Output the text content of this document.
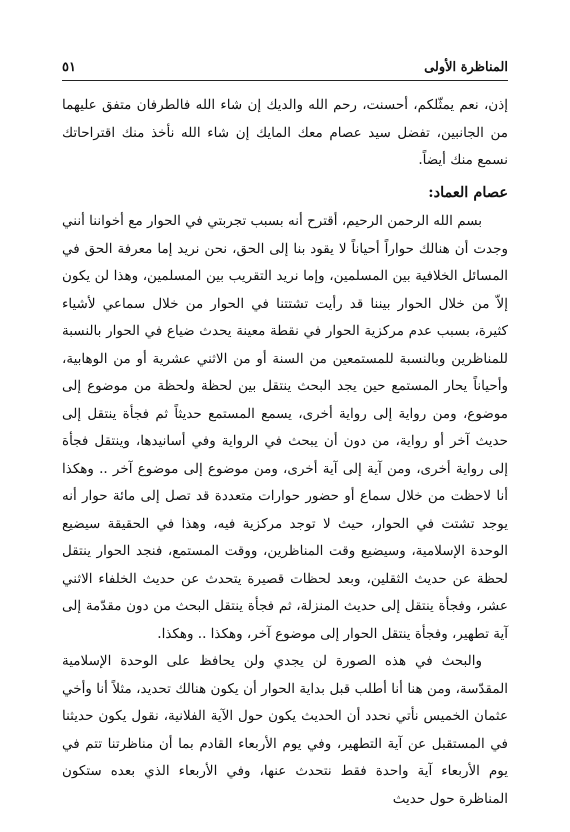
المناظرة الأولى
٥١

إذن، نعم يمثّلكم، أحسنت، رحم الله والديك إن شاء الله فالطرفان متفق عليهما من الجانبين، تفضل سيد عصام معك المايك إن شاء الله نأخذ منك اقتراحاتك نسمع منك أيضاً.

عصام العماد:

بسم الله الرحمن الرحيم، أقترح أنه بسبب تجربتي في الحوار مع أخواننا أنني وجدت أن هنالك حواراً أحياناً لا يقود بنا إلى الحق، نحن نريد إما معرفة الحق في المسائل الخلافية بين المسلمين، وإما نريد التقريب بين المسلمين، وهذا لن يكون إلاّ من خلال الحوار بيننا قد رأيت تشتتنا في الحوار من خلال سماعي لأشياء كثيرة، بسبب عدم مركزية الحوار في نقطة معينة يحدث ضياع في الحوار بالنسبة للمناظرين وبالنسبة للمستمعين من السنة أو من الاثني عشرية أو من الوهابية، وأحياناً يحار المستمع حين يجد البحث ينتقل بين لحظة ولحظة من موضوع إلى موضوع، ومن رواية إلى رواية أخرى، يسمع المستمع حديثاً ثم فجأة ينتقل إلى حديث آخر أو رواية، من دون أن يبحث في الرواية وفي أسانيدها، وينتقل فجأة إلى رواية أخرى، ومن آية إلى آية أخرى، ومن موضوع إلى موضوع آخر .. وهكذا أنا لاحظت من خلال سماع أو حضور حوارات متعددة قد تصل إلى مائة حوار أنه يوجد تشتت في الحوار، حيث لا توجد مركزية فيه، وهذا في الحقيقة سيضيع الوحدة الإسلامية، وسيضيع وقت المناظرين، ووقت المستمع، فنجد الحوار ينتقل لحظة عن حديث الثقلين، وبعد لحظات قصيرة يتحدث عن حديث الخلفاء الاثني عشر، وفجأة ينتقل إلى حديث المنزلة، ثم فجأة ينتقل البحث من دون مقدّمة إلى آية تطهير، وفجأة ينتقل الحوار إلى موضوع آخر، وهكذا .. وهكذا.

والبحث في هذه الصورة لن يجدي ولن يحافظ على الوحدة الإسلامية المقدّسة، ومن هنا أنا أطلب قبل بداية الحوار أن يكون هنالك تحديد، مثلاً أنا وأخي عثمان الخميس نأتي نحدد أن الحديث يكون حول الآية الفلانية، نقول يكون حديثنا في المستقبل عن آية التطهير، وفي يوم الأربعاء القادم بما أن مناظرتنا تتم في يوم الأربعاء آية واحدة فقط نتحدث عنها، وفي الأربعاء الذي بعده ستكون المناظرة حول حديث
